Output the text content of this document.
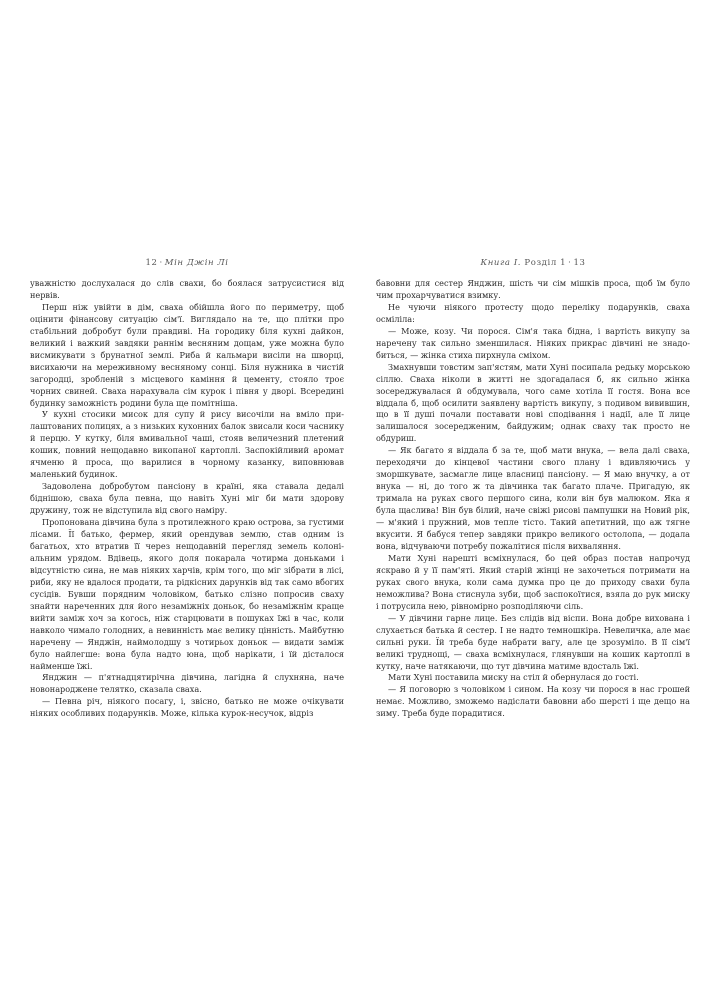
12 · Мін Джін Лі

уважністю дослухалася до слів свахи, бо боялася затрусистися від нервів.

Перш ніж увійти в дім, сваха обійшла його по периметру, щоб оцінити фінансову ситуацію сім'ї. Виглядало на те, що плітки про стабільний добробут були правдиві. На городику біля кухні дайкон, великий і важкий завдяки раннім весняним дощам, уже можна було висмикувати з брунатної землі. Риба й кальмари висіли на шворці, висихаючи на мереживному весняному сонці. Біля нужника в чистій загородці, зробленій з місцевого каміння й цементу, стояло троє чорних свиней. Сваха нарахувала сім курок і півня у дворі. Всередині будинку заможність родини була ще помітніша.

У кухні стосики мисок для супу й рису височіли на вміло прилаштованих полицях, а з низьких кухонних балок звисали коси часнику й перцю. У кутку, біля вмивальної чаші, стояв величезний плетений кошик, повний нещодавно викопаної картоплі. Заспокійливий аромат ячменю й проса, що варилися в чорному казанку, виповнював маленький будинок.

Задоволена добробутом пансіону в країні, яка ставала дедалі біднішою, сваха була певна, що навіть Хуні міг би мати здорову дружину, тож не відступила від свого наміру.

Пропонована дівчина була з протилежного краю острова, за густими лісами. Її батько, фермер, який орендував землю, став одним із багатьох, хто втратив її через нещодавній перегляд земель колоніальним урядом. Вдівець, якого доля покарала чотирма доньками і відсутністю сина, не мав ніяких харчів, крім того, що міг зібрати в лісі, риби, яку не вдалося продати, та рідкісних дарунків від так само вбогих сусідів. Бувши порядним чоловіком, батько слізно попросив сваху знайти нареченних для його незаміжніх доньок, бо незаміжнім краще вийти заміж хоч за когось, ніж старцювати в пошуках їжі в час, коли навколо чимало голодних, а невинність має велику цінність. Майбутню наречену — Янджін, наймолодшу з чотирьох доньок — видати заміж було найлегше: вона була надто юна, щоб нарікати, і їй дісталося найменше їжі.

Янджин — п'ятнадцятирічна дівчина, лагідна й слухняна, наче новонароджене телятко, сказала сваха.

— Певна річ, ніякого посагу, і, звісно, батько не може очікувати ніяких особливих подарунків. Може, кілька курок-несучок, відріз

Книга І. Розділ 1 · 13

бавовни для сестер Янджин, шість чи сім мішків проса, щоб їм було чим прохарчуватися взимку.

Не чуючи ніякого протесту щодо переліку подарунків, сваха осміліла:

— Може, козу. Чи порося. Сім'я така бідна, і вартість викупу за наречену так сильно зменшилася. Ніяких прикрас дівчині не знадобиться, — жінка стиха пирхнула сміхом.

Змахнувши товстим зап'ястям, мати Хуні посипала редьку морською сіллю. Сваха ніколи в житті не здогадалася б, як сильно жінка зосереджувалася й обдумувала, чого саме хотіла її гостя. Вона все віддала б, щоб осилити заявлену вартість викупу, з подивом вивившин, що в її душі почали поставати нові сподівання і надії, але її лице залишалося зосередженим, байдужим; однак сваху так просто не обдуриш.

— Як багато я віддала б за те, щоб мати внука, — вела далі сваха, переходячи до кінцевої частини свого плану і вдивляючись у зморшкувате, засмагле лице власниці пансіону. — Я маю внучку, а от внука — ні, до того ж та дівчинка так багато плаче. Пригадую, як тримала на руках свого першого сина, коли він був малюком. Яка я була щаслива! Він був білий, наче свіжі рисові пампушки на Новий рік, — м'який і пружний, мов тепле тісто. Такий апетитний, що аж тягне вкусити. Я бабуся тепер завдяки прикро великого остолопа, — додала вона, відчуваючи потребу пожалітися після вихваляння.

Мати Хуні нарешті всміхнулася, бо цей образ постав напрочуд яскраво й у її пам'яті. Який старій жінці не захочеться потримати на руках свого внука, коли сама думка про це до приходу свахи була неможлива? Вона стиснула зуби, щоб заспокоїтися, взяла до рук миску і потрусила нею, рівномірно розподіляючи сіль.

— У дівчини гарне лице. Без слідів від віспи. Вона добре вихована і слухається батька й сестер. І не надто темношкіра. Невеличка, але має сильні руки. Їй треба буде набрати вагу, але це зрозуміло. В її сім'ї великі труднощі, — сваха всміхнулася, глянувши на кошик картоплі в кутку, наче натякаючи, що тут дівчина матиме вдосталь їжі.

Мати Хуні поставила миску на стіл й обернулася до гості.

— Я поговорю з чоловіком і сином. На козу чи порося в нас грошей немає. Можливо, зможемо надіслати бавовни або шерсті і ще дещо на зиму. Треба буде порадитися.
